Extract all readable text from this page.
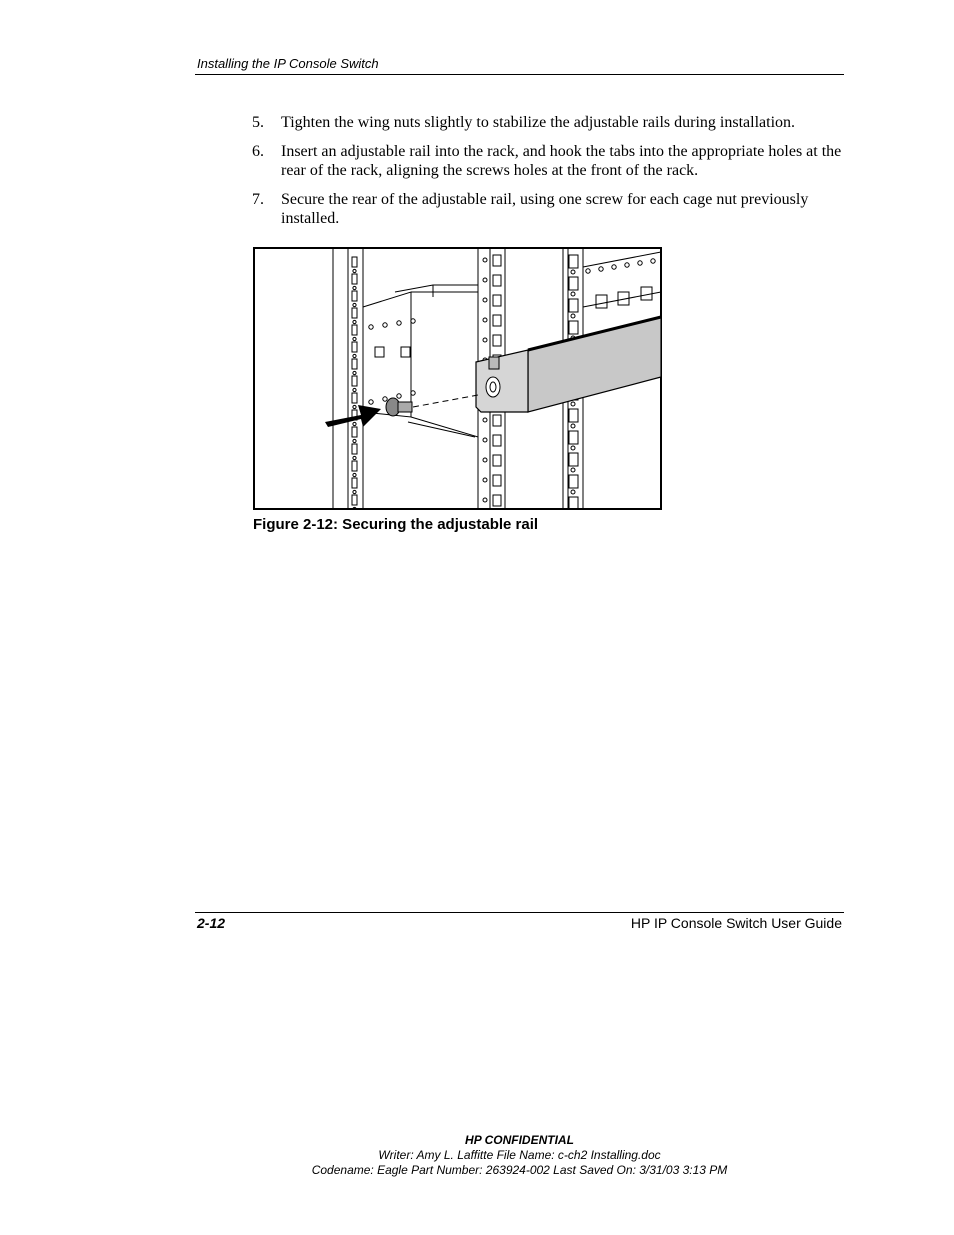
Installing the IP Console Switch
5. Tighten the wing nuts slightly to stabilize the adjustable rails during installation.
6. Insert an adjustable rail into the rack, and hook the tabs into the appropriate holes at the rear of the rack, aligning the screws holes at the front of the rack.
7. Secure the rear of the adjustable rail, using one screw for each cage nut previously installed.
Figure 2-12: Securing the adjustable rail
2-12	HP IP Console Switch User Guide
HP CONFIDENTIAL
Writer: Amy L. Laffitte File Name: c-ch2 Installing.doc
Codename: Eagle Part Number: 263924-002 Last Saved On: 3/31/03 3:13 PM
